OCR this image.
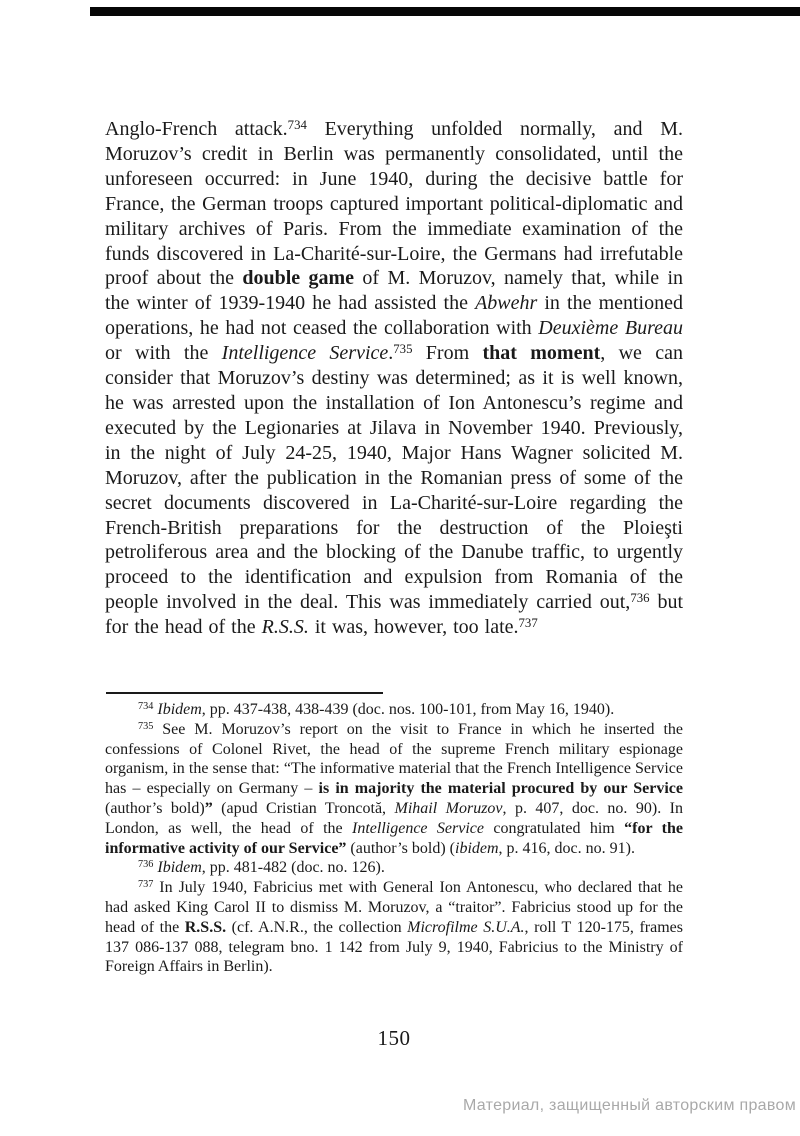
Anglo-French attack.$^{734}$ Everything unfolded normally, and M. Moruzov’s credit in Berlin was permanently consolidated, until the unforeseen occurred: in June 1940, during the decisive battle for France, the German troops captured important political-diplomatic and military archives of Paris. From the immediate examination of the funds discovered in La-Charité-sur-Loire, the Germans had irrefutable proof about the double game of M. Moruzov, namely that, while in the winter of 1939-1940 he had assisted the Abwehr in the mentioned operations, he had not ceased the collaboration with Deuxième Bureau or with the Intelligence Service.$^{735}$ From that moment, we can consider that Moruzov’s destiny was determined; as it is well known, he was arrested upon the installation of Ion Antonescu’s regime and executed by the Legionaries at Jilava in November 1940. Previously, in the night of July 24-25, 1940, Major Hans Wagner solicited M. Moruzov, after the publication in the Romanian press of some of the secret documents discovered in La-Charité-sur-Loire regarding the French-British preparations for the destruction of the Ploieşti petroliferous area and the blocking of the Danube traffic, to urgently proceed to the identification and expulsion from Romania of the people involved in the deal. This was immediately carried out,$^{736}$ but for the head of the R.S.S. it was, however, too late.$^{737}$

$^{734}$ Ibidem, pp. 437-438, 438-439 (doc. nos. 100-101, from May 16, 1940).

$^{735}$ See M. Moruzov’s report on the visit to France in which he inserted the confessions of Colonel Rivet, the head of the supreme French military espionage organism, in the sense that: “The informative material that the French Intelligence Service has – especially on Germany – is in majority the material procured by our Service (author’s bold)” (apud Cristian Troncotă, Mihail Moruzov, p. 407, doc. no. 90). In London, as well, the head of the Intelligence Service congratulated him “for the informative activity of our Service” (author’s bold) (ibidem, p. 416, doc. no. 91).

$^{736}$ Ibidem, pp. 481-482 (doc. no. 126).

$^{737}$ In July 1940, Fabricius met with General Ion Antonescu, who declared that he had asked King Carol II to dismiss M. Moruzov, a “traitor”. Fabricius stood up for the head of the R.S.S. (cf. A.N.R., the collection Microfilme S.U.A., roll T 120-175, frames 137 086-137 088, telegram bno. 1 142 from July 9, 1940, Fabricius to the Ministry of Foreign Affairs in Berlin).

150
Материал, защищенный авторским правом
